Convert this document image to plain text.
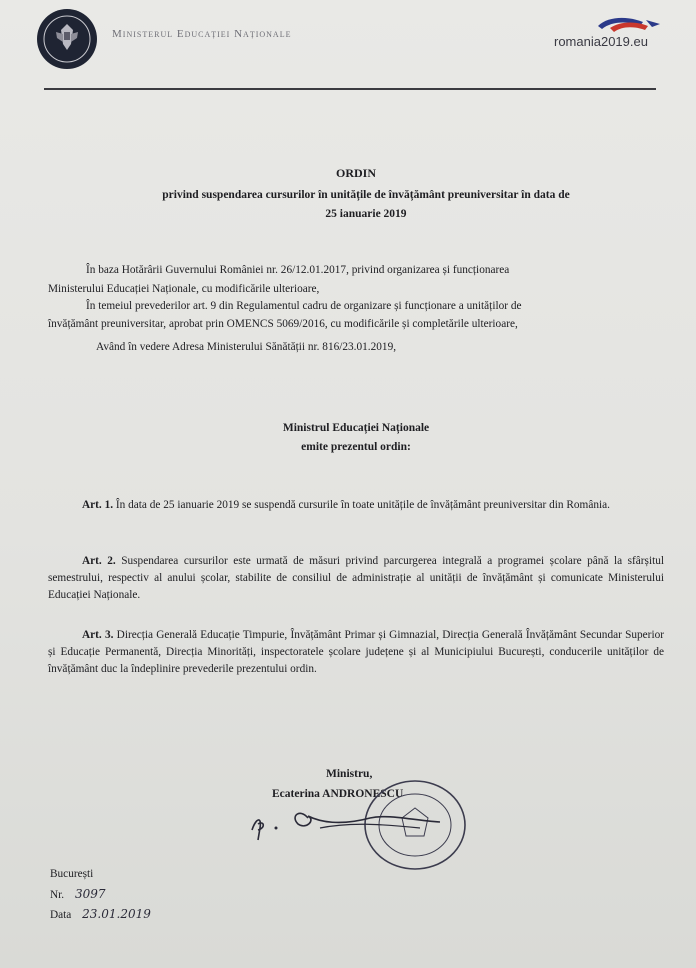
Ministerul Educației Naționale	romania2019.eu
ORDIN
privind suspendarea cursurilor în unitățile de învățământ preuniversitar în data de
25 ianuarie 2019
În baza Hotărârii Guvernului României nr. 26/12.01.2017, privind organizarea și funcționarea
Ministerului Educației Naționale, cu modificările ulterioare,
În temeiul prevederilor art. 9 din Regulamentul cadru de organizare și funcționare a unităților de
învățământ preuniversitar, aprobat prin OMENCS 5069/2016, cu modificările și completările ulterioare,
Având în vedere Adresa Ministerului Sănătății nr. 816/23.01.2019,
Ministrul Educației Naționale
emite prezentul ordin:
Art. 1. În data de 25 ianuarie 2019 se suspendă cursurile în toate unitățile de învățământ preuniversitar din România.
Art. 2. Suspendarea cursurilor este urmată de măsuri privind parcurgerea integrală a programei școlare până la sfârșitul semestrului, respectiv al anului școlar, stabilite de consiliul de administrație al unității de învățământ și comunicate Ministerului Educației Naționale.
Art. 3. Direcția Generală Educație Timpurie, Învățământ Primar și Gimnazial, Direcția Generală Învățământ Secundar Superior și Educație Permanentă, Direcția Minorități, inspectoratele școlare județene și al Municipiului București, conducerile unităților de învățământ duc la îndeplinire prevederile prezentului ordin.
Ministru,
Ecaterina ANDRONESCU
București
Nr. 3097
Data 23.01.2019
